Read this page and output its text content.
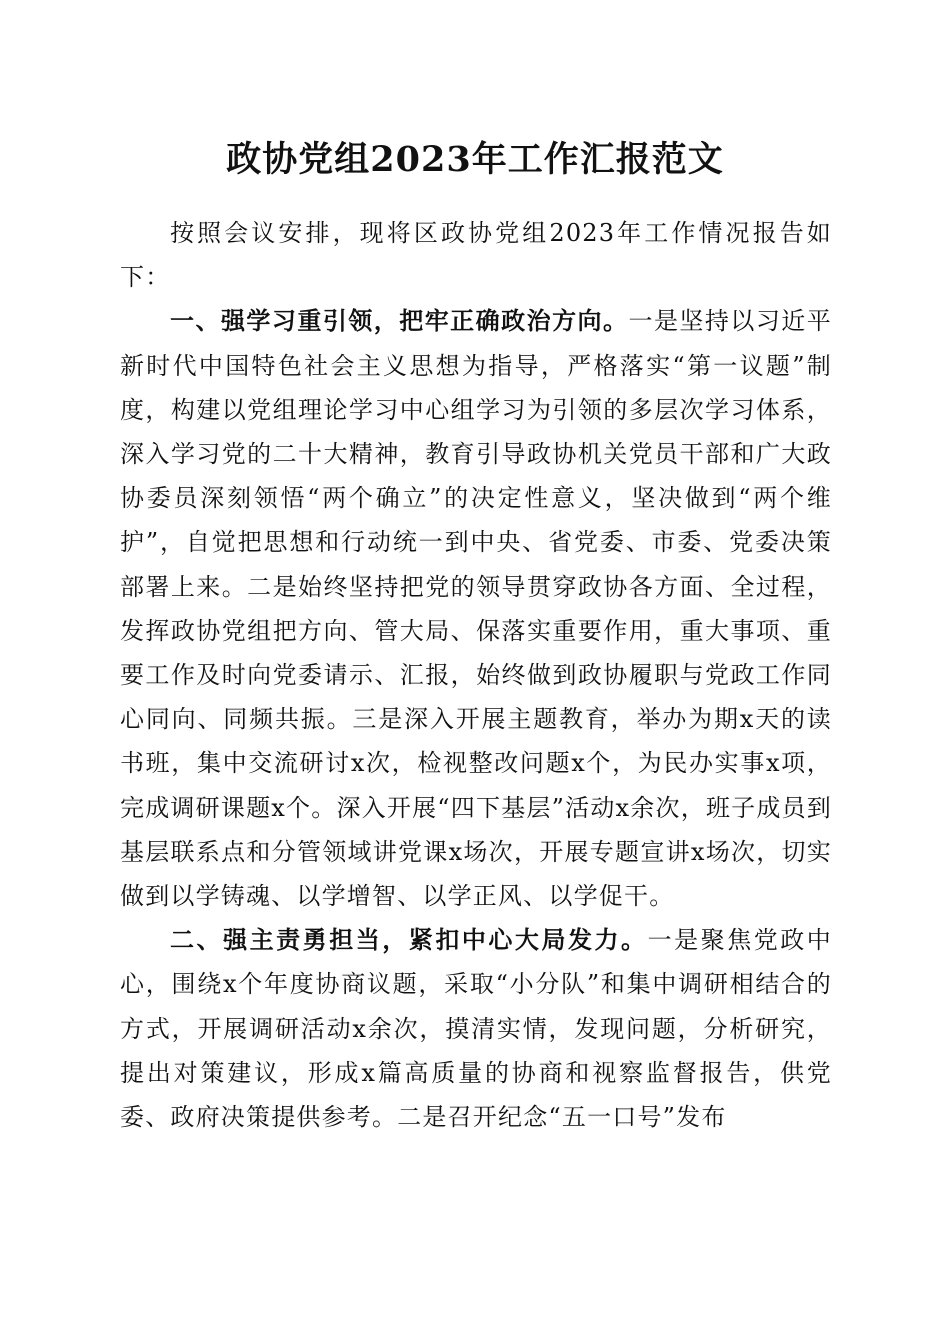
政协党组2023年工作汇报范文

按照会议安排，现将区政协党组2023年工作情况报告如下：

一、强学习重引领，把牢正确政治方向。一是坚持以习近平新时代中国特色社会主义思想为指导，严格落实“第一议题”制度，构建以党组理论学习中心组学习为引领的多层次学习体系，深入学习党的二十大精神，教育引导政协机关党员干部和广大政协委员深刻领悟“两个确立”的决定性意义，坚决做到“两个维护”，自觉把思想和行动统一到中央、省党委、市委、党委决策部署上来。二是始终坚持把党的领导贯穿政协各方面、全过程，发挥政协党组把方向、管大局、保落实重要作用，重大事项、重要工作及时向党委请示、汇报，始终做到政协履职与党政工作同心同向、同频共振。三是深入开展主题教育，举办为期x天的读书班，集中交流研讨x次，检视整改问题x个，为民办实事x项，完成调研课题x个。深入开展“四下基层”活动x余次，班子成员到基层联系点和分管领域讲党课x场次，开展专题宣讲x场次，切实做到以学铸魂、以学增智、以学正风、以学促干。

二、强主责勇担当，紧扣中心大局发力。一是聚焦党政中心，围绕x个年度协商议题，采取“小分队”和集中调研相结合的方式，开展调研活动x余次，摸清实情，发现问题，分析研究，提出对策建议，形成x篇高质量的协商和视察监督报告，供党委、政府决策提供参考。二是召开纪念“五一口号”发布
